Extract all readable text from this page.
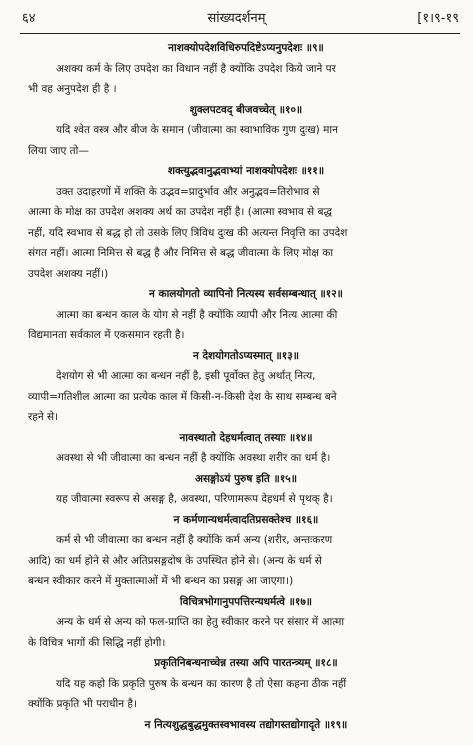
६४	सांख्यदर्शनम्	[१।९-१९

नाशक्योपदेशविधिरुपदिष्टेऽप्यनुपदेशः ॥९॥

अशक्य कर्म के लिए उपदेश का विधान नहीं है क्योंकि उपदेश किये जाने पर

भी वह अनुपदेश ही है ।

शुक्लपटवद् बीजवच्चेत् ॥१०॥

यदि श्वेत वस्त्र और बीज के समान (जीवात्मा का स्वाभाविक गुण दुःख) मान

लिया जाए तो—

शक्त्युद्भवानुद्भवाभ्यां नाशक्योपदेशः ॥११॥

उक्त उदाहरणों में शक्ति के उद्भव=प्रादुर्भाव और अनुद्भव=तिरोभाव से

आत्मा के मोक्ष का उपदेश अशक्य अर्थ का उपदेश नहीं है। (आत्मा स्वभाव से बद्ध

नहीं, यदि स्वभाव से बद्ध हो तो उसके लिए त्रिविध दुःख की अत्यन्त निवृत्ति का उपदेश

संगत नहीं। आत्मा निमित्त से बद्ध है और निमित्त से बद्ध जीवात्मा के लिए मोक्ष का

उपदेश अशक्य नहीं।)

न कालयोगतो व्यापिनो नित्यस्य सर्वसम्बन्धात् ॥१२॥

आत्मा का बन्धन काल के योग से नहीं है क्योंकि व्यापी और नित्य आत्मा की

विद्यमानता सर्वकाल में एकसमान रहती है।

न देशयोगतोऽप्यस्मात् ॥१३॥

देशयोग से भी आत्मा का बन्धन नहीं है, इसी पूर्वोक्त हेतु अर्थात् नित्य,

व्यापी=गतिशील आत्मा का प्रत्येक काल में किसी-न-किसी देश के साथ सम्बन्ध बने

रहने से।

नावस्थातो देहधर्मत्वात् तस्याः ॥१४॥

अवस्था से भी जीवात्मा का बन्धन नहीं है क्योंकि अवस्था शरीर का धर्म है।

असङ्गोऽयं पुरुष इति ॥१५॥

यह जीवात्मा स्वरूप से असङ्ग है, अवस्था, परिणामरूप देहधर्म से पृथक् है।

न कर्मणान्यधर्मत्वादतिप्रसक्तेश्च ॥१६॥

कर्म से भी जीवात्मा का बन्धन नहीं है क्योंकि कर्म अन्य (शरीर, अन्तःकरण

आदि) का धर्म होने से और अतिप्रसङ्गदोष के उपस्थित होने से। (अन्य के धर्म से

बन्धन स्वीकार करने में मुक्तात्माओं में भी बन्धन का प्रसङ्ग आ जाएगा।)

विचित्रभोगानुपपत्तिरन्यधर्मत्वे ॥१७॥

अन्य के धर्म से अन्य को फल-प्राप्ति का हेतु स्वीकार करने पर संसार में आत्मा

के विचित्र भागों की सिद्धि नहीं होगी।

प्रकृतिनिबन्धनाच्चेन्न तस्या अपि पारतन्त्र्यम् ॥१८॥

यदि यह कहो कि प्रकृति पुरुष के बन्धन का कारण है तो ऐसा कहना ठीक नहीं

क्योंकि प्रकृति भी पराधीन है।

न नित्यशुद्धबुद्धमुक्तस्वभावस्य तद्योगस्तद्योगादृते ॥१९॥
